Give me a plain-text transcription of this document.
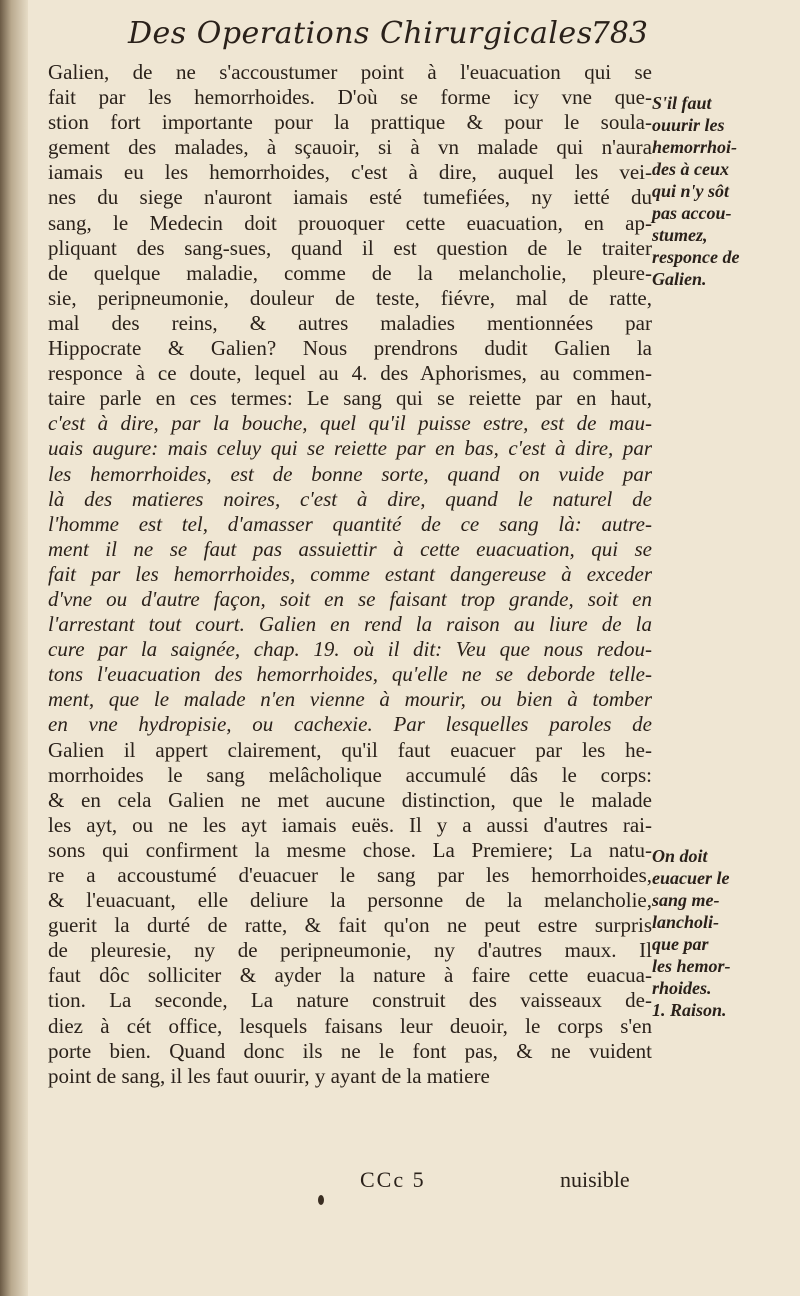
Des Operations Chirurgicales.
783
Galien, de ne s'accoustumer point à l'euacuation qui se
fait par les hemorrhoides. D'où se forme icy vne que-
stion fort importante pour la prattique & pour le soula-
gement des malades, à sçauoir, si à vn malade qui n'aura
iamais eu les hemorrhoides, c'est à dire, auquel les vei-
nes du siege n'auront iamais esté tumefiées, ny ietté du
sang, le Medecin doit prouoquer cette euacuation, en ap-
pliquant des sang-sues, quand il est question de le traiter
de quelque maladie, comme de la melancholie, pleure-
sie, peripneumonie, douleur de teste, fiévre, mal de ratte,
mal des reins, & autres maladies mentionnées par
Hippocrate & Galien? Nous prendrons dudit Galien la
responce à ce doute, lequel au 4. des Aphorismes, au commen-
taire parle en ces termes: Le sang qui se reiette par en haut,
c'est à dire, par la bouche, quel qu'il puisse estre, est de mau-
uais augure: mais celuy qui se reiette par en bas, c'est à dire, par
les hemorrhoides, est de bonne sorte, quand on vuide par
là des matieres noires, c'est à dire, quand le naturel de
l'homme est tel, d'amasser quantité de ce sang là: autre-
ment il ne se faut pas assuiettir à cette euacuation, qui se
fait par les hemorrhoides, comme estant dangereuse à exceder
d'vne ou d'autre façon, soit en se faisant trop grande, soit en
l'arrestant tout court. Galien en rend la raison au liure de la
cure par la saignée, chap. 19. où il dit: Veu que nous redou-
tons l'euacuation des hemorrhoides, qu'elle ne se deborde telle-
ment, que le malade n'en vienne à mourir, ou bien à tomber
en vne hydropisie, ou cachexie. Par lesquelles paroles de
Galien il appert clairement, qu'il faut euacuer par les he-
morrhoides le sang melâcholique accumulé dâs le corps:
& en cela Galien ne met aucune distinction, que le malade
les ayt, ou ne les ayt iamais euës. Il y a aussi d'autres rai-
sons qui confirment la mesme chose. La Premiere; La natu-
re a accoustumé d'euacuer le sang par les hemorrhoides,
& l'euacuant, elle deliure la personne de la melancholie,
guerit la durté de ratte, & fait qu'on ne peut estre surpris
de pleuresie, ny de peripneumonie, ny d'autres maux. Il
faut dôc solliciter & ayder la nature à faire cette euacua-
tion. La seconde, La nature construit des vaisseaux de-
diez à cét office, lesquels faisans leur deuoir, le corps s'en
porte bien. Quand donc ils ne le font pas, & ne vuident
point de sang, il les faut ouurir, y ayant de la matiere
S'il faut
ouurir les
hemorrhoi-
des à ceux
qui n'y sôt
pas accou-
stumez,
responce de
Galien.
On doit
euacuer le
sang me-
lancholi-
que par
les hemor-
rhoides.
1. Raison.
CCc 5	nuisible
